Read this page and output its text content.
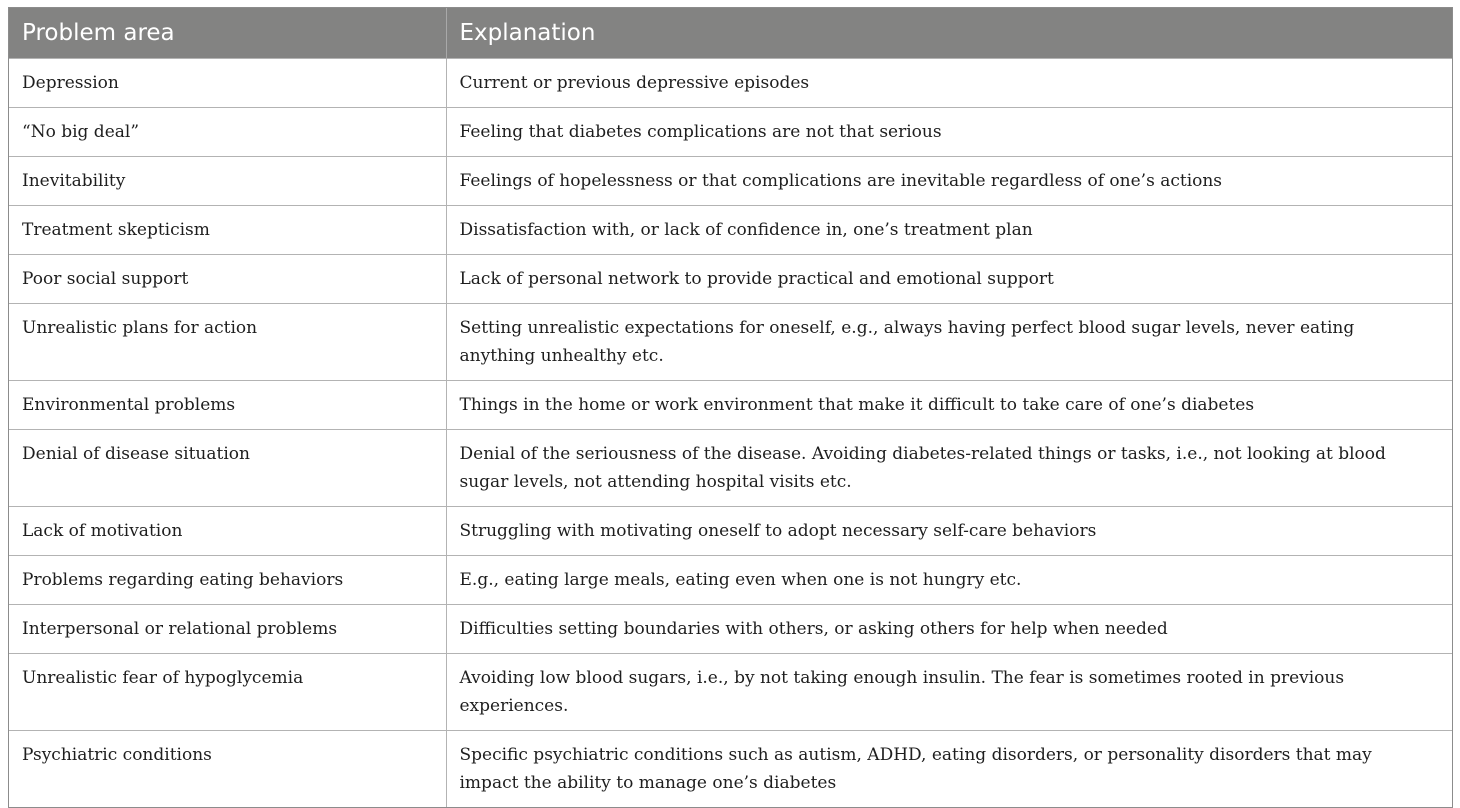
Problem area	Explanation
Depression	Current or previous depressive episodes
“No big deal”	Feeling that diabetes complications are not that serious
Inevitability	Feelings of hopelessness or that complications are inevitable regardless of one’s actions
Treatment skepticism	Dissatisfaction with, or lack of confidence in, one’s treatment plan
Poor social support	Lack of personal network to provide practical and emotional support
Unrealistic plans for action	Setting unrealistic expectations for oneself, e.g., always having perfect blood sugar levels, never eating anything unhealthy etc.
Environmental problems	Things in the home or work environment that make it difficult to take care of one’s diabetes
Denial of disease situation	Denial of the seriousness of the disease. Avoiding diabetes-related things or tasks, i.e., not looking at blood sugar levels, not attending hospital visits etc.
Lack of motivation	Struggling with motivating oneself to adopt necessary self-care behaviors
Problems regarding eating behaviors	E.g., eating large meals, eating even when one is not hungry etc.
Interpersonal or relational problems	Difficulties setting boundaries with others, or asking others for help when needed
Unrealistic fear of hypoglycemia	Avoiding low blood sugars, i.e., by not taking enough insulin. The fear is sometimes rooted in previous experiences.
Psychiatric conditions	Specific psychiatric conditions such as autism, ADHD, eating disorders, or personality disorders that may impact the ability to manage one’s diabetes
